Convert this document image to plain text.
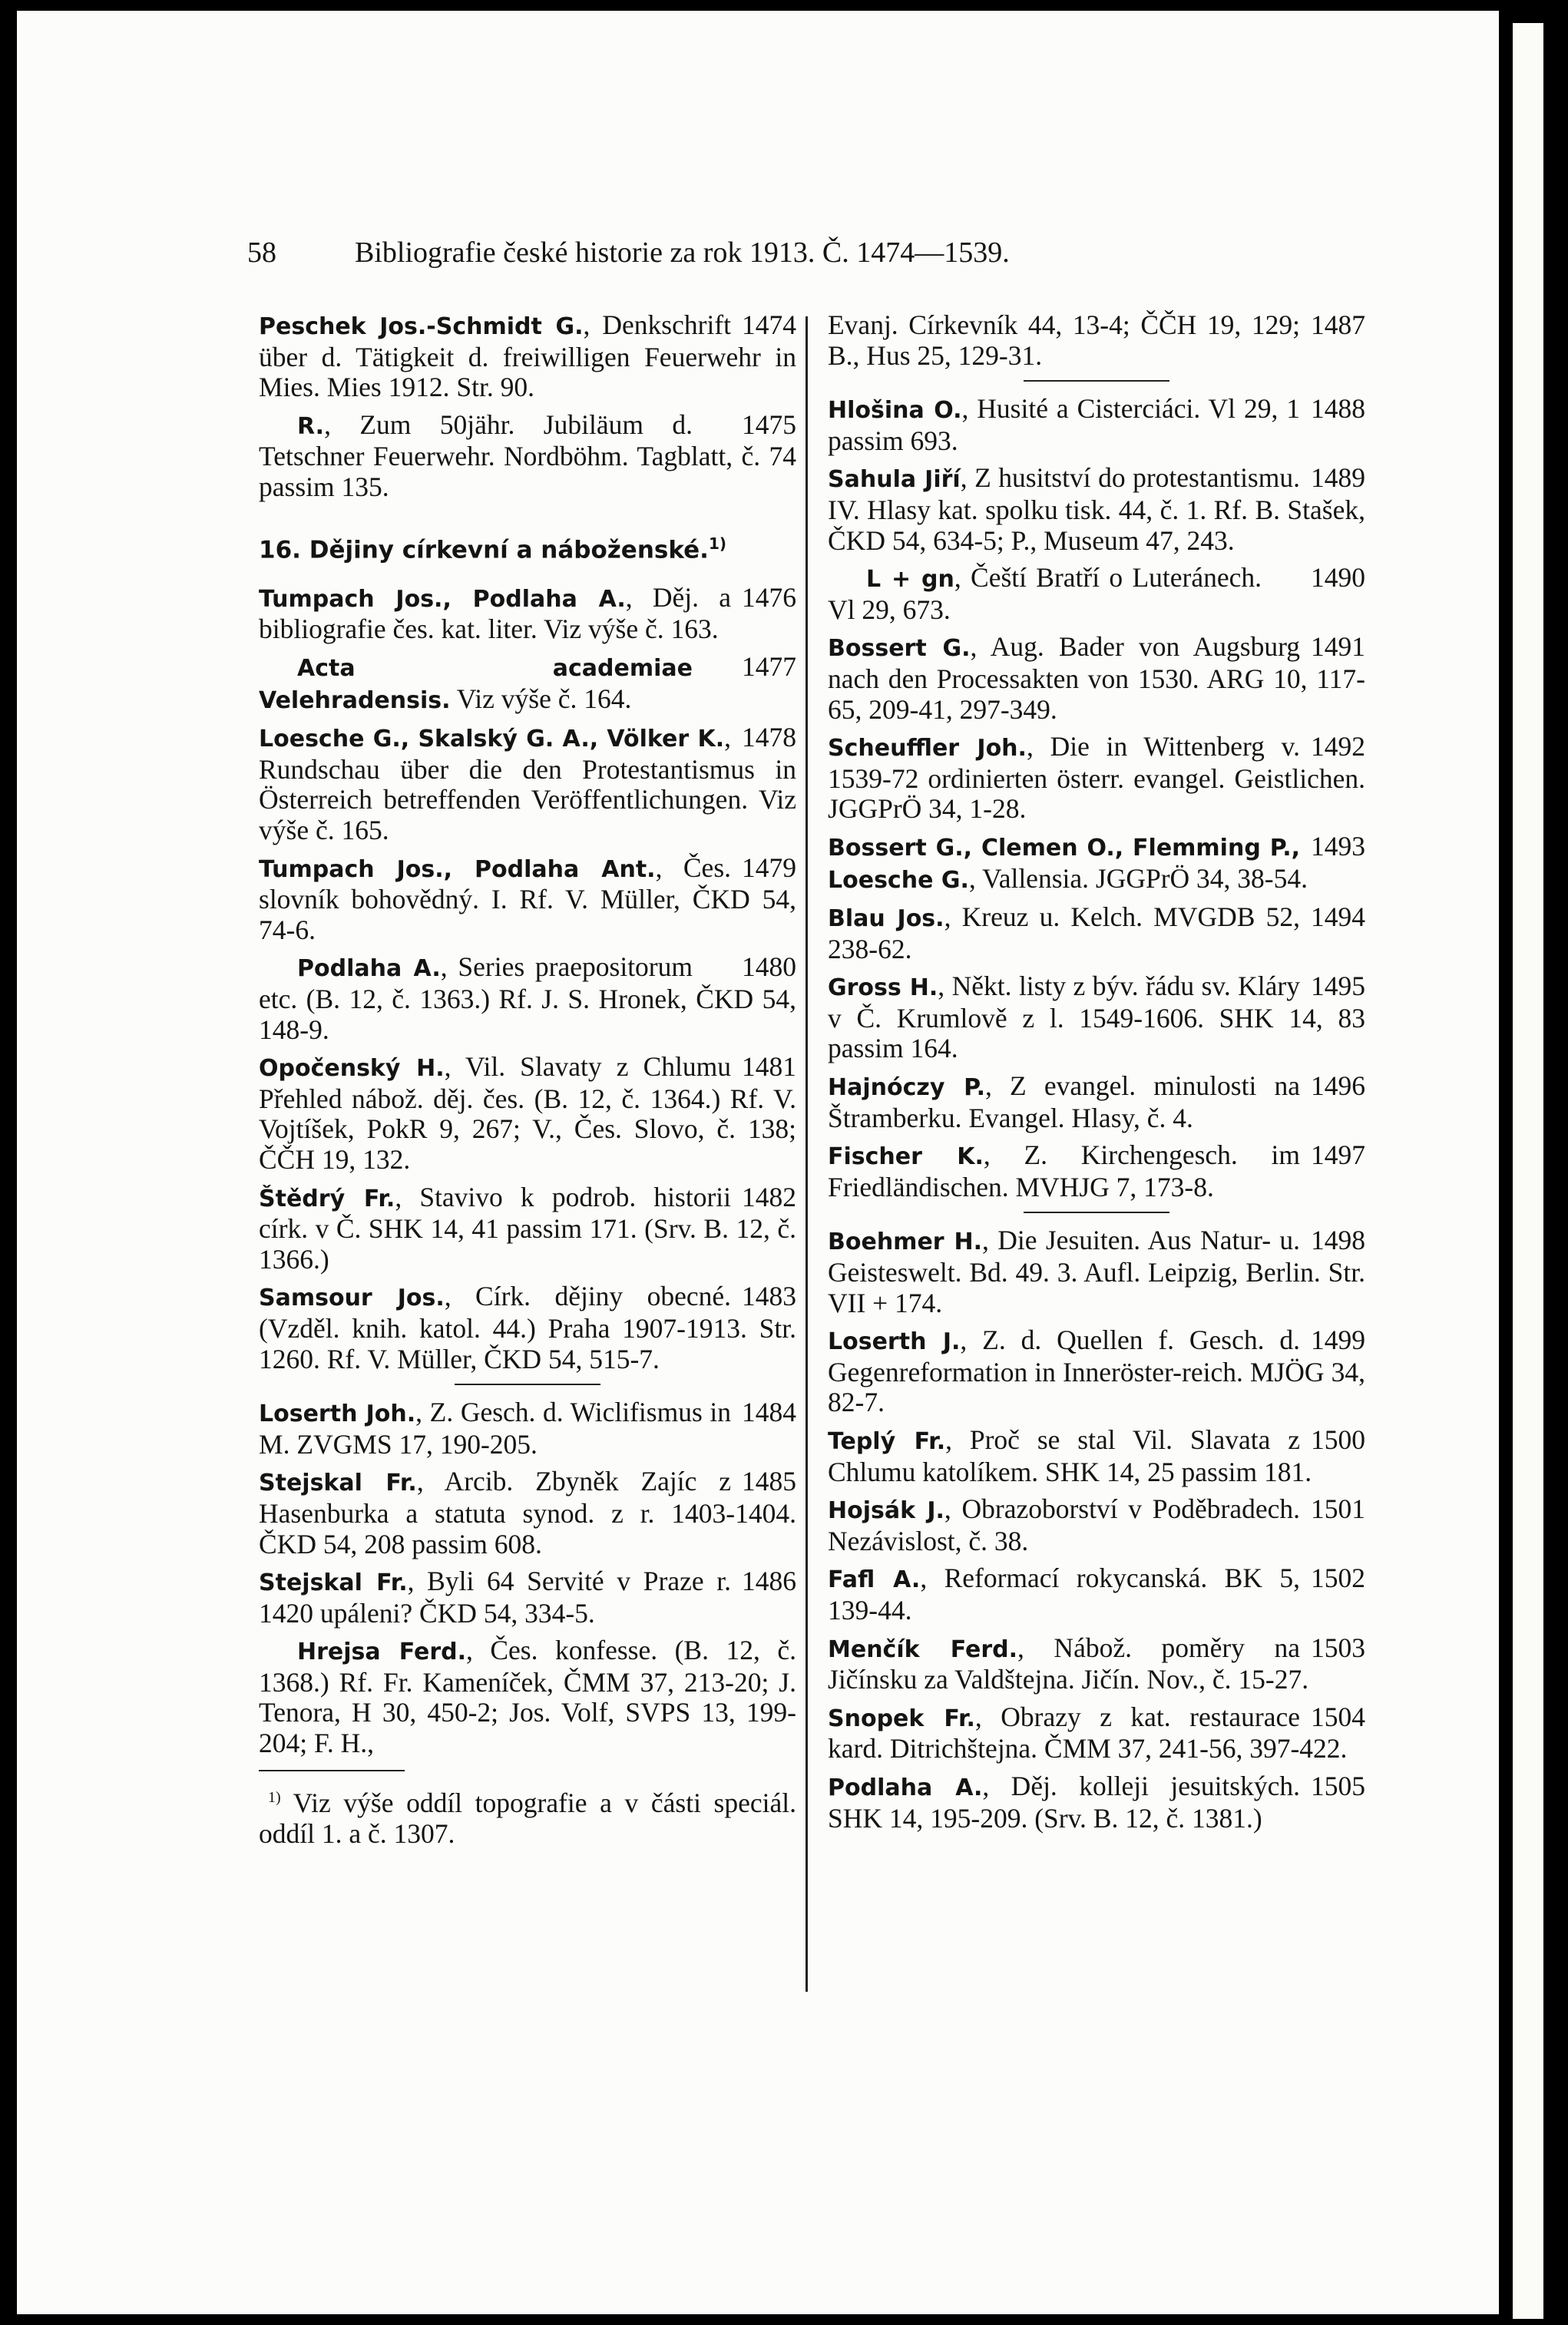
58	Bibliografie české historie za rok 1913. Č. 1474—1539.
1474
Peschek Jos.-Schmidt G., Denkschrift über d. Tätigkeit d. freiwilligen Feuerwehr in Mies. Mies 1912. Str. 90.
1475
R., Zum 50jähr. Jubiläum d. Tetschner Feuerwehr. Nordböhm. Tagblatt, č. 74 passim 135.
16. Dějiny církevní a náboženské.$^{1)}$
1476
Tumpach Jos., Podlaha A., Děj. a bibliografie čes. kat. liter. Viz výše č. 163.
1477
Acta academiae Velehradensis. Viz výše č. 164.
1478
Loesche G., Skalský G. A., Völker K., Rundschau über die den Protestantismus in Österreich betreffenden Veröffentlichungen. Viz výše č. 165.
1479
Tumpach Jos., Podlaha Ant., Čes. slovník bohovědný. I. Rf. V. Müller, ČKD 54, 74-6.
1480
Podlaha A., Series praepositorum etc. (B. 12, č. 1363.) Rf. J. S. Hronek, ČKD 54, 148-9.
1481
Opočenský H., Vil. Slavaty z Chlumu Přehled nábož. děj. čes. (B. 12, č. 1364.) Rf. V. Vojtíšek, PokR 9, 267; V., Čes. Slovo, č. 138; ČČH 19, 132.
1482
Štědrý Fr., Stavivo k podrob. historii círk. v Č. SHK 14, 41 passim 171. (Srv. B. 12, č. 1366.)
1483
Samsour Jos., Círk. dějiny obecné. (Vzděl. knih. katol. 44.) Praha 1907-1913. Str. 1260. Rf. V. Müller, ČKD 54, 515-7.
1484
Loserth Joh., Z. Gesch. d. Wiclifismus in M. ZVGMS 17, 190-205.
1485
Stejskal Fr., Arcib. Zbyněk Zajíc z Hasenburka a statuta synod. z r. 1403-1404. ČKD 54, 208 passim 608.
1486
Stejskal Fr., Byli 64 Servité v Praze r. 1420 upáleni? ČKD 54, 334-5.
Hrejsa Ferd., Čes. konfesse. (B. 12, č. 1368.) Rf. Fr. Kameníček, ČMM 37, 213-20; J. Tenora, H 30, 450-2; Jos. Volf, SVPS 13, 199-204; F. H.,
$^{1)}$ Viz výše oddíl topografie a v části speciál. oddíl 1. a č. 1307.
1487
Evanj. Církevník 44, 13-4; ČČH 19, 129; B., Hus 25, 129-31.
1488
Hlošina O., Husité a Cisterciáci. Vl 29, 1 passim 693.
1489
Sahula Jiří, Z husitství do protestantismu. IV. Hlasy kat. spolku tisk. 44, č. 1. Rf. B. Stašek, ČKD 54, 634-5; P., Museum 47, 243.
1490
L + gn, Čeští Bratří o Luteránech. Vl 29, 673.
1491
Bossert G., Aug. Bader von Augsburg nach den Processakten von 1530. ARG 10, 117-65, 209-41, 297-349.
1492
Scheuffler Joh., Die in Wittenberg v. 1539-72 ordinierten österr. evangel. Geistlichen. JGGPrÖ 34, 1-28.
1493
Bossert G., Clemen O., Flemming P., Loesche G., Vallensia. JGGPrÖ 34, 38-54.
1494
Blau Jos., Kreuz u. Kelch. MVGDB 52, 238-62.
1495
Gross H., Někt. listy z býv. řádu sv. Kláry v Č. Krumlově z l. 1549-1606. SHK 14, 83 passim 164.
1496
Hajnóczy P., Z evangel. minulosti na Štramberku. Evangel. Hlasy, č. 4.
1497
Fischer K., Z. Kirchengesch. im Friedländischen. MVHJG 7, 173-8.
1498
Boehmer H., Die Jesuiten. Aus Natur- u. Geisteswelt. Bd. 49. 3. Aufl. Leipzig, Berlin. Str. VII + 174.
1499
Loserth J., Z. d. Quellen f. Gesch. d. Gegenreformation in Inneröster-reich. MJÖG 34, 82-7.
1500
Teplý Fr., Proč se stal Vil. Slavata z Chlumu katolíkem. SHK 14, 25 passim 181.
1501
Hojsák J., Obrazoborství v Poděbradech. Nezávislost, č. 38.
1502
Fafl A., Reformací rokycanská. BK 5, 139-44.
1503
Menčík Ferd., Nábož. poměry na Jičínsku za Valdštejna. Jičín. Nov., č. 15-27.
1504
Snopek Fr., Obrazy z kat. restaurace kard. Ditrichštejna. ČMM 37, 241-56, 397-422.
1505
Podlaha A., Děj. kolleji jesuitských. SHK 14, 195-209. (Srv. B. 12, č. 1381.)
